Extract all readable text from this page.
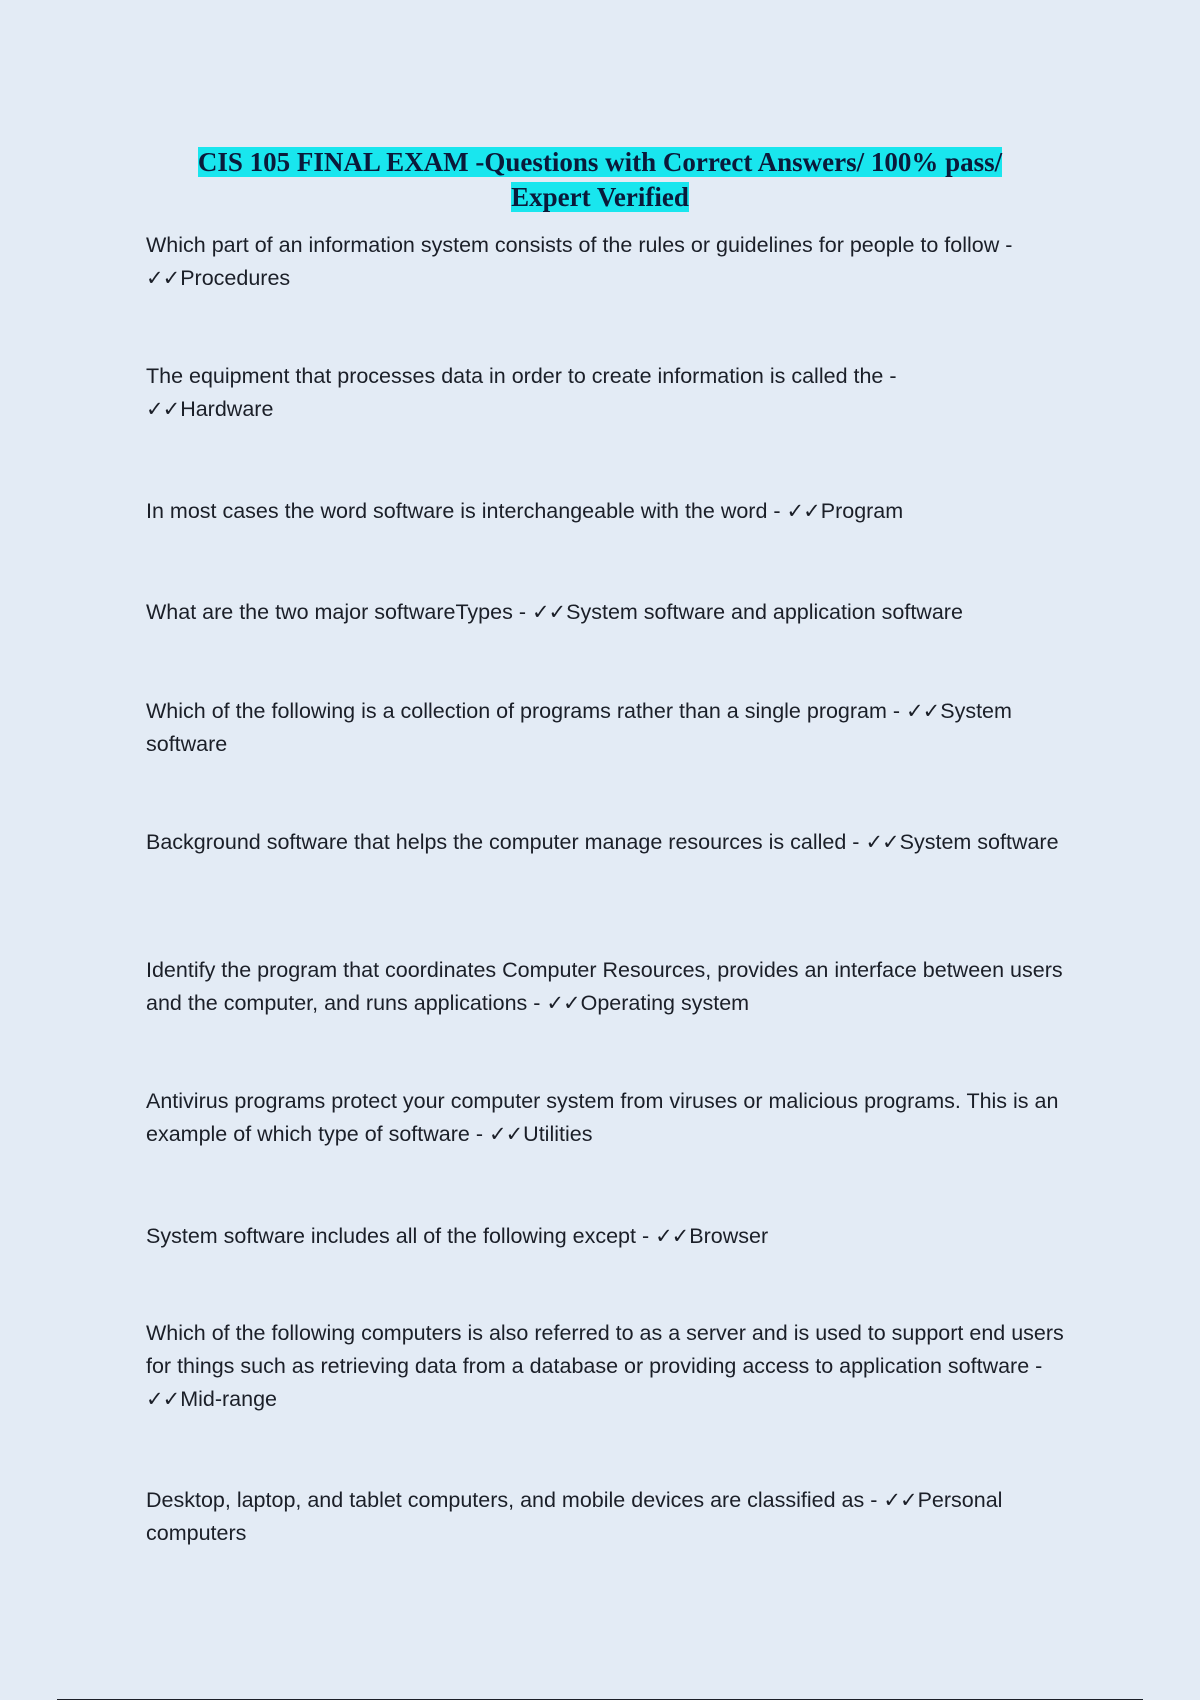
CIS 105 FINAL EXAM -Questions with Correct Answers/ 100% pass/
Expert Verified

Which part of an information system consists of the rules or guidelines for people to follow - ✓✓Procedures

The equipment that processes data in order to create information is called the -
✓✓Hardware

In most cases the word software is interchangeable with the word - ✓✓Program

What are the two major softwareTypes - ✓✓System software and application software

Which of the following is a collection of programs rather than a single program - ✓✓System software

Background software that helps the computer manage resources is called - ✓✓System software

Identify the program that coordinates Computer Resources, provides an interface between users and the computer, and runs applications - ✓✓Operating system

Antivirus programs protect your computer system from viruses or malicious programs. This is an example of which type of software - ✓✓Utilities

System software includes all of the following except - ✓✓Browser

Which of the following computers is also referred to as a server and is used to support end users for things such as retrieving data from a database or providing access to application software - ✓✓Mid-range

Desktop, laptop, and tablet computers, and mobile devices are classified as - ✓✓Personal computers
